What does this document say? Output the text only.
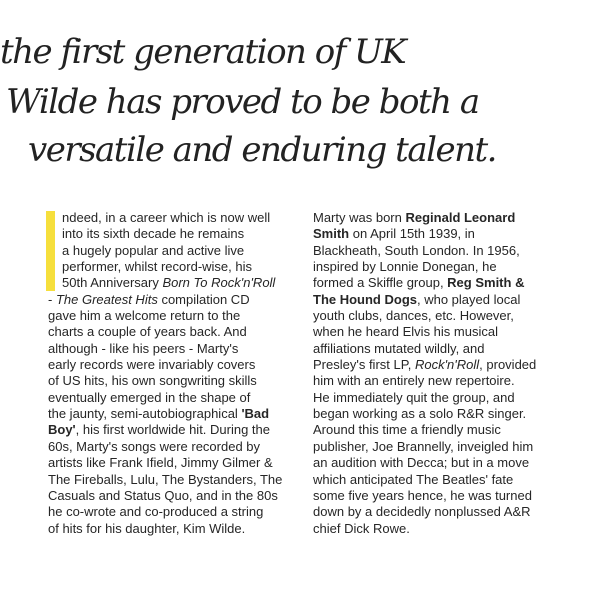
the first generation of UK
Wilde has proved to be both a
versatile and enduring talent.
ndeed, in a career which is now well
into its sixth decade he remains
a hugely popular and active live
performer, whilst record-wise, his
50th Anniversary Born To Rock'n'Roll
- The Greatest Hits compilation CD
gave him a welcome return to the
charts a couple of years back. And
although - like his peers - Marty's
early records were invariably covers
of US hits, his own songwriting skills
eventually emerged in the shape of
the jaunty, semi-autobiographical 'Bad
Boy', his first worldwide hit. During the
60s, Marty's songs were recorded by
artists like Frank Ifield, Jimmy Gilmer &
The Fireballs, Lulu, The Bystanders, The
Casuals and Status Quo, and in the 80s
he co-wrote and co-produced a string
of hits for his daughter, Kim Wilde.
Marty was born Reginald Leonard
Smith on April 15th 1939, in
Blackheath, South London. In 1956,
inspired by Lonnie Donegan, he
formed a Skiffle group, Reg Smith &
The Hound Dogs, who played local
youth clubs, dances, etc. However,
when he heard Elvis his musical
affiliations mutated wildly, and
Presley's first LP, Rock'n'Roll, provided
him with an entirely new repertoire.
He immediately quit the group, and
began working as a solo R&R singer.
Around this time a friendly music
publisher, Joe Brannelly, inveigled him
an audition with Decca; but in a move
which anticipated The Beatles' fate
some five years hence, he was turned
down by a decidedly nonplussed A&R
chief Dick Rowe.
